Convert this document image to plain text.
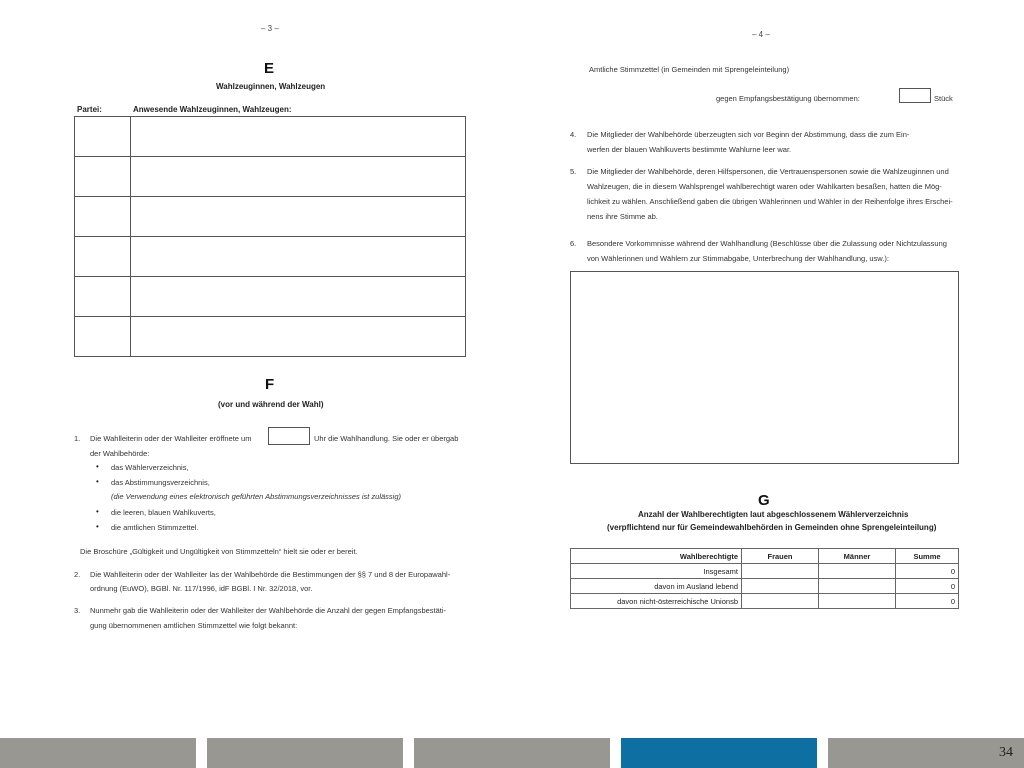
– 3 –
E
Wahlzeuginnen, Wahlzeugen
Partei:	Anwesende Wahlzeuginnen, Wahlzeugen:

F
(vor und während der Wahl)
1. Die Wahlleiterin oder der Wahlleiter eröffnete um	Uhr die Wahlhandlung. Sie oder er übergab
der Wahlbehörde:
• das Wählerverzeichnis,
• das Abstimmungsverzeichnis,
(die Verwendung eines elektronisch geführten Abstimmungsverzeichnisses ist zulässig)
• die leeren, blauen Wahlkuverts,
• die amtlichen Stimmzettel.
Die Broschüre „Gültigkeit und Ungültigkeit von Stimmzetteln“ hielt sie oder er bereit.
2. Die Wahlleiterin oder der Wahlleiter las der Wahlbehörde die Bestimmungen der §§ 7 und 8 der Europawahl-
ordnung (EuWO), BGBl. Nr. 117/1996, idF BGBl. I Nr. 32/2018, vor.
3. Nunmehr gab die Wahlleiterin oder der Wahlleiter der Wahlbehörde die Anzahl der gegen Empfangsbestäti-
gung übernommenen amtlichen Stimmzettel wie folgt bekannt:
– 4 –
Amtliche Stimmzettel (in Gemeinden mit Sprengeleinteilung)
gegen Empfangsbestätigung übernommen:	Stück
4. Die Mitglieder der Wahlbehörde überzeugten sich vor Beginn der Abstimmung, dass die zum Ein-
werfen der blauen Wahlkuverts bestimmte Wahlurne leer war.
5. Die Mitglieder der Wahlbehörde, deren Hilfspersonen, die Vertrauenspersonen sowie die Wahlzeuginnen und
Wahlzeugen, die in diesem Wahlsprengel wahlberechtigt waren oder Wahlkarten besaßen, hatten die Mög-
lichkeit zu wählen. Anschließend gaben die übrigen Wählerinnen und Wähler in der Reihenfolge ihres Erschei-
nens ihre Stimme ab.
6. Besondere Vorkommnisse während der Wahlhandlung (Beschlüsse über die Zulassung oder Nichtzulassung
von Wählerinnen und Wählern zur Stimmabgabe, Unterbrechung der Wahlhandlung, usw.):
G
Anzahl der Wahlberechtigten laut abgeschlossenem Wählerverzeichnis
(verpflichtend nur für Gemeindewahlbehörden in Gemeinden ohne Sprengeleinteilung)
Wahlberechtigte	Frauen	Männer	Summe
Insgesamt			0
davon im Ausland lebend			0
davon nicht-österreichische Unionsb			0
34
